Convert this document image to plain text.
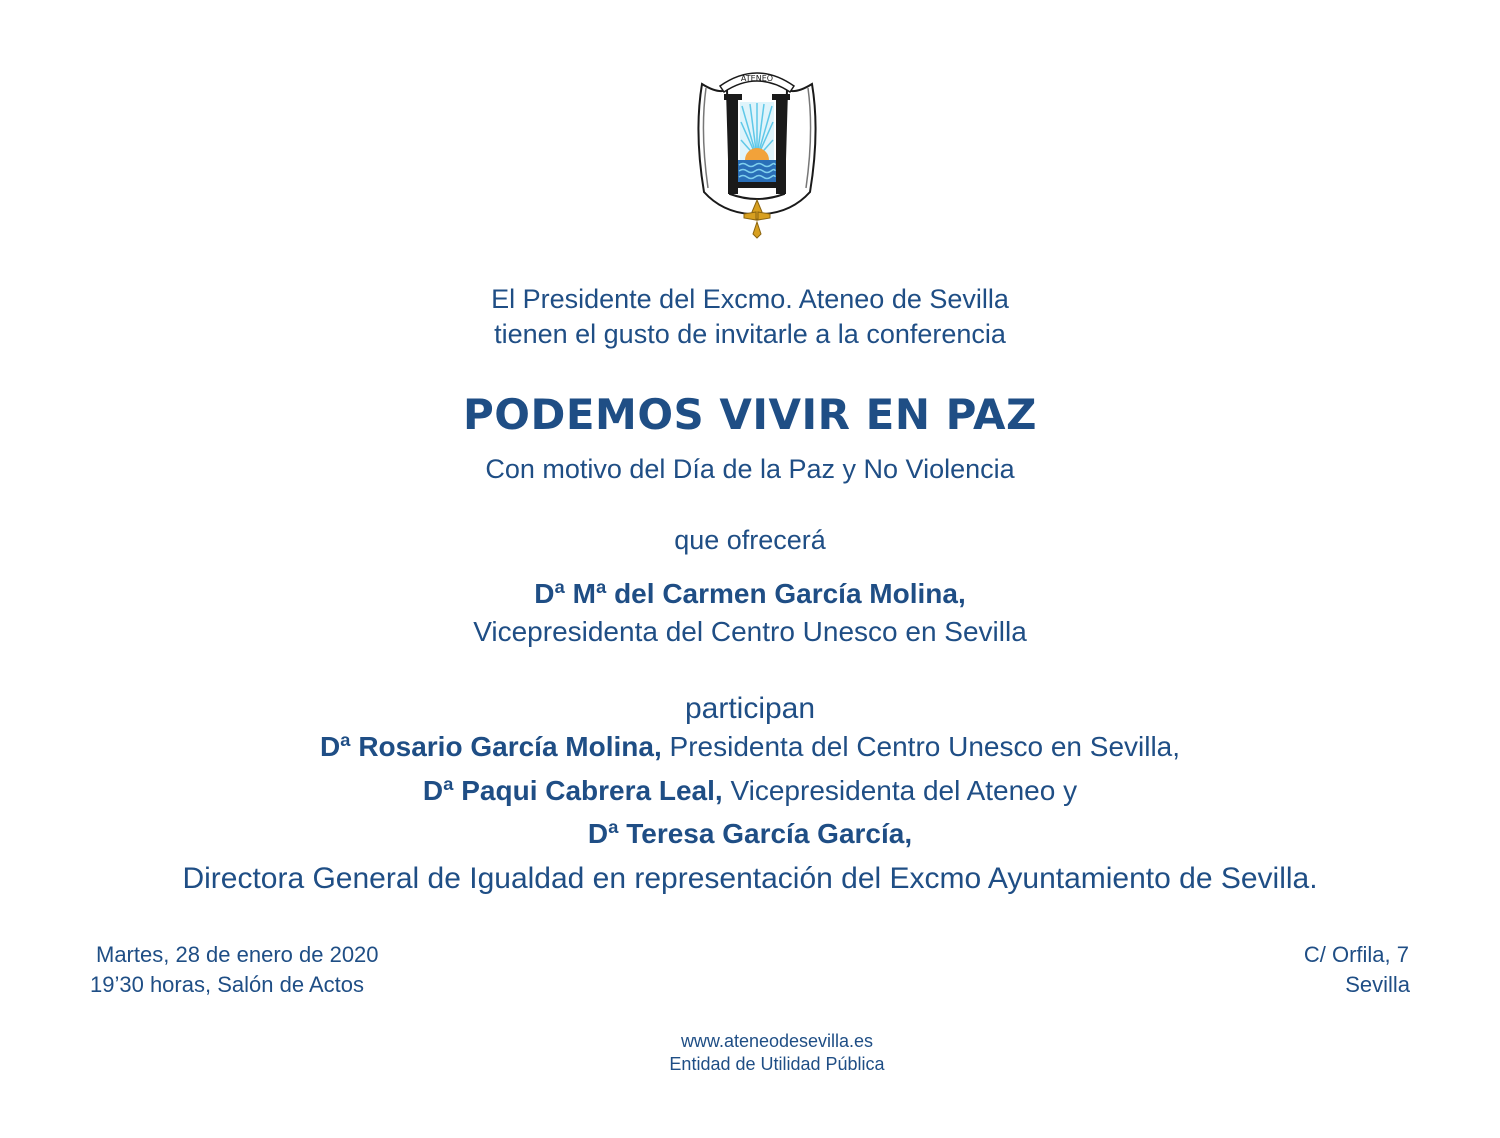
ATENEO
El Presidente del Excmo. Ateneo de Sevilla
tienen el gusto de invitarle a la conferencia
PODEMOS VIVIR EN PAZ
Con motivo del Día de la Paz y No Violencia
que ofrecerá
Dª Mª del Carmen García Molina,
Vicepresidenta del Centro Unesco en Sevilla
participan
Dª Rosario García Molina, Presidenta del Centro Unesco en Sevilla,
Dª Paqui Cabrera Leal, Vicepresidenta del Ateneo y
Dª Teresa García García,
Directora General de Igualdad en representación del Excmo Ayuntamiento de Sevilla.
Martes, 28 de enero de 2020
19’30 horas, Salón de Actos
C/ Orfila, 7
Sevilla
www.ateneodesevilla.es
Entidad de Utilidad Pública
